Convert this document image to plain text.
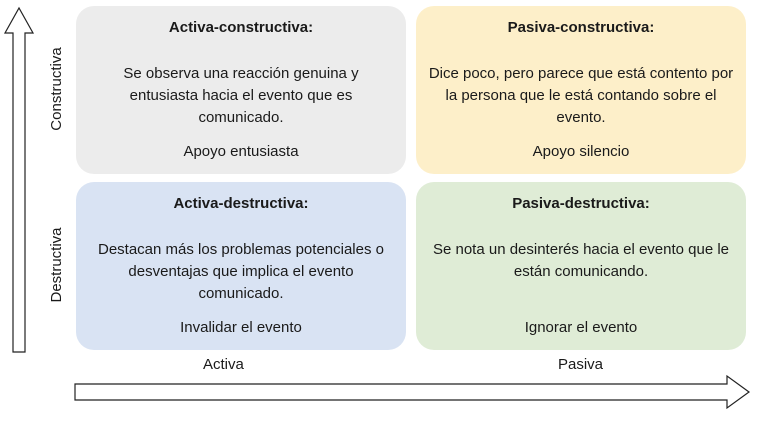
Constructiva
Destructiva
Activa-constructiva:
Se observa una reacción genuina y entusiasta hacia el evento que es comunicado.
Apoyo entusiasta
Pasiva-constructiva:
Dice poco, pero parece que está contento por la persona que le está contando sobre el evento.
Apoyo silencio
Activa-destructiva:
Destacan más los problemas potenciales o desventajas que implica el evento comunicado.
Invalidar el evento
Pasiva-destructiva:
Se nota un desinterés hacia el evento que le están comunicando.
Ignorar el evento
Activa	Pasiva
